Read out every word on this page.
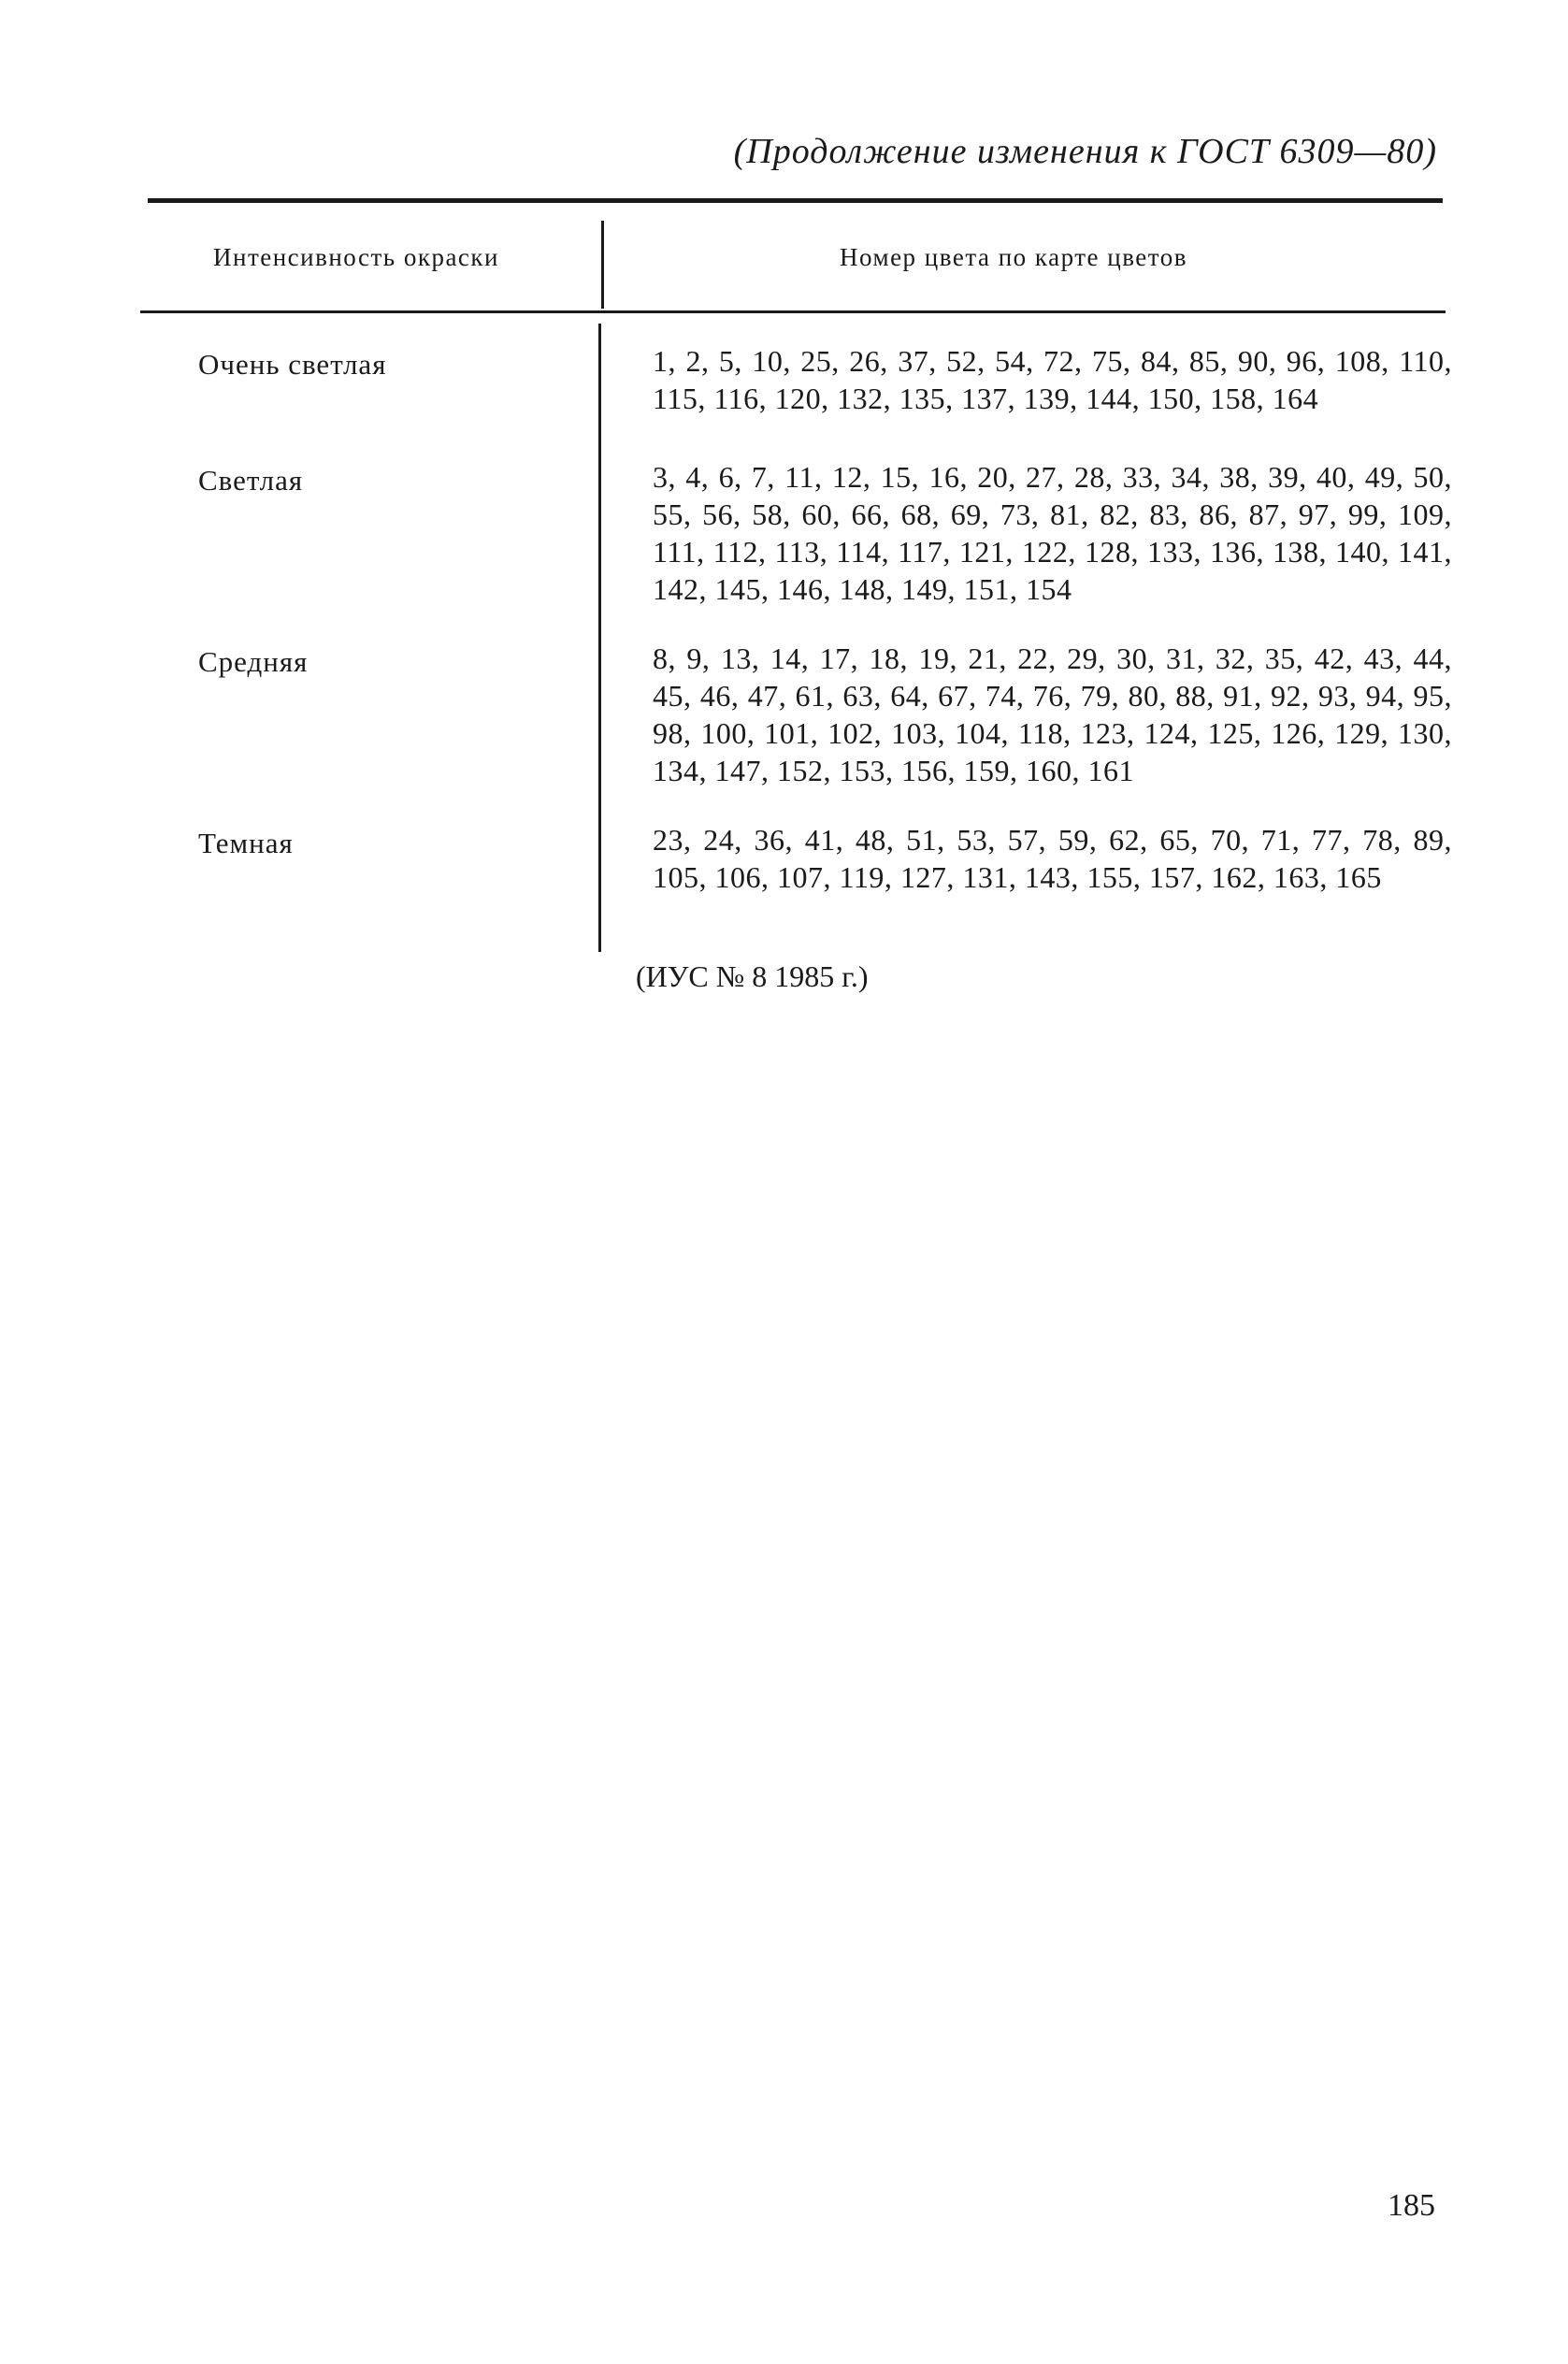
(Продолжение изменения к ГОСТ 6309—80)
Интенсивность окраски	Номер цвета по карте цветов
Очень светлая	1, 2, 5, 10, 25, 26, 37, 52, 54, 72, 75, 84, 85, 90, 96, 108, 110, 115, 116, 120, 132, 135, 137, 139, 144, 150, 158, 164
Светлая	3, 4, 6, 7, 11, 12, 15, 16, 20, 27, 28, 33, 34, 38, 39, 40, 49, 50, 55, 56, 58, 60, 66, 68, 69, 73, 81, 82, 83, 86, 87, 97, 99, 109, 111, 112, 113, 114, 117, 121, 122, 128, 133, 136, 138, 140, 141, 142, 145, 146, 148, 149, 151, 154
Средняя	8, 9, 13, 14, 17, 18, 19, 21, 22, 29, 30, 31, 32, 35, 42, 43, 44, 45, 46, 47, 61, 63, 64, 67, 74, 76, 79, 80, 88, 91, 92, 93, 94, 95, 98, 100, 101, 102, 103, 104, 118, 123, 124, 125, 126, 129, 130, 134, 147, 152, 153, 156, 159, 160, 161
Темная	23, 24, 36, 41, 48, 51, 53, 57, 59, 62, 65, 70, 71, 77, 78, 89, 105, 106, 107, 119, 127, 131, 143, 155, 157, 162, 163, 165
(ИУС № 8 1985 г.)
185
